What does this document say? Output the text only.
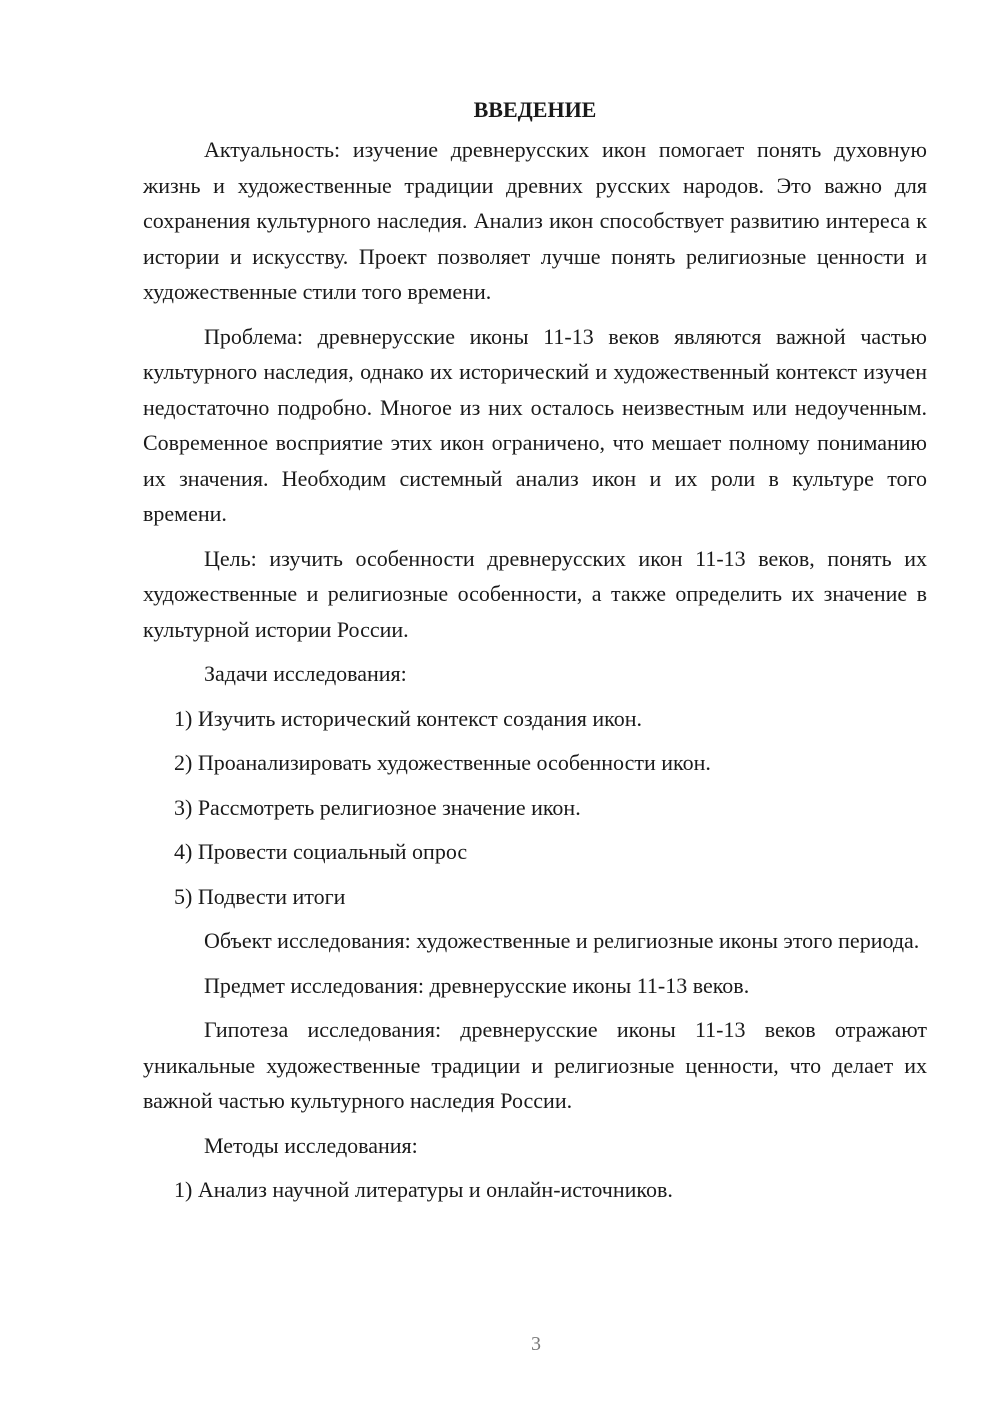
ВВЕДЕНИЕ

Актуальность: изучение древнерусских икон помогает понять духовную жизнь и художественные традиции древних русских народов. Это важно для сохранения культурного наследия. Анализ икон способствует развитию интереса к истории и искусству. Проект позволяет лучше понять религиозные ценности и художественные стили того времени.

Проблема: древнерусские иконы 11-13 веков являются важной частью культурного наследия, однако их исторический и художественный контекст изучен недостаточно подробно. Многое из них осталось неизвестным или недоученным. Современное восприятие этих икон ограничено, что мешает полному пониманию их значения. Необходим системный анализ икон и их роли в культуре того времени.

Цель: изучить особенности древнерусских икон 11-13 веков, понять их художественные и религиозные особенности, а также определить их значение в культурной истории России.

Задачи исследования:

1) Изучить исторический контекст создания икон.

2) Проанализировать художественные особенности икон.

3) Рассмотреть религиозное значение икон.

4) Провести социальный опрос

5) Подвести итоги

Объект исследования: художественные и религиозные иконы этого периода.

Предмет исследования: древнерусские иконы 11-13 веков.

Гипотеза исследования: древнерусские иконы 11-13 веков отражают уникальные художественные традиции и религиозные ценности, что делает их важной частью культурного наследия России.

Методы исследования:

1) Анализ научной литературы и онлайн-источников.

3
